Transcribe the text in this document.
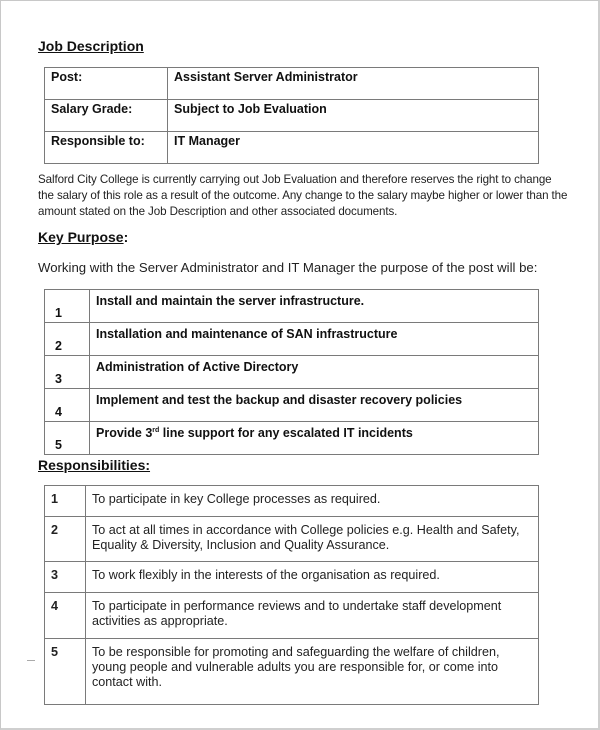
Job Description
Post:	Assistant Server Administrator
Salary Grade:	Subject to Job Evaluation
Responsible to:	IT Manager
Salford City College is currently carrying out Job Evaluation and therefore reserves the right to change the salary of this role as a result of the outcome. Any change to the salary maybe higher or lower than the amount stated on the Job Description and other associated documents.
Key Purpose:
Working with the Server Administrator and IT Manager the purpose of the post will be:
1	Install and maintain the server infrastructure.
2	Installation and maintenance of SAN infrastructure
3	Administration of Active Directory
4	Implement and test the backup and disaster recovery policies
5	Provide 3rd line support for any escalated IT incidents
Responsibilities:
1	To participate in key College processes as required.
2	To act at all times in accordance with College policies e.g. Health and Safety, Equality & Diversity, Inclusion and Quality Assurance.
3	To work flexibly in the interests of the organisation as required.
4	To participate in performance reviews and to undertake staff development activities as appropriate.
5	To be responsible for promoting and safeguarding the welfare of children, young people and vulnerable adults you are responsible for, or come into contact with.
